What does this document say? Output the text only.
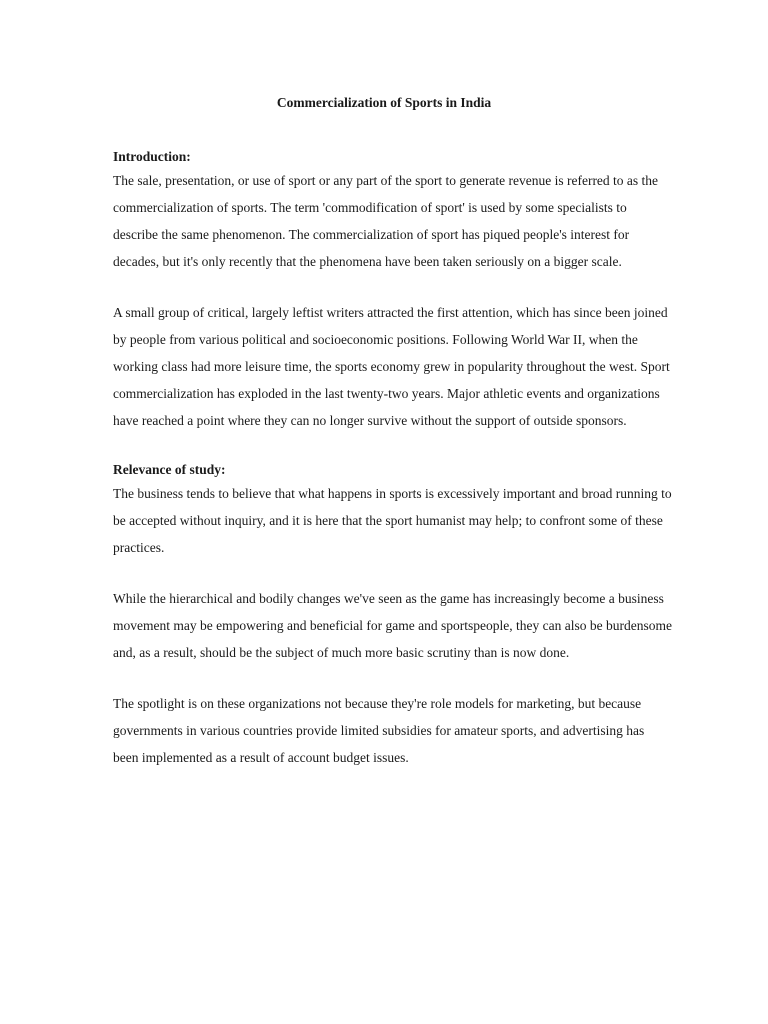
Commercialization of Sports in India
Introduction:

The sale, presentation, or use of sport or any part of the sport to generate revenue is referred to as the commercialization of sports. The term 'commodification of sport' is used by some specialists to describe the same phenomenon. The commercialization of sport has piqued people's interest for decades, but it's only recently that the phenomena have been taken seriously on a bigger scale.

A small group of critical, largely leftist writers attracted the first attention, which has since been joined by people from various political and socioeconomic positions. Following World War II, when the working class had more leisure time, the sports economy grew in popularity throughout the west. Sport commercialization has exploded in the last twenty-two years. Major athletic events and organizations have reached a point where they can no longer survive without the support of outside sponsors.

Relevance of study:

The business tends to believe that what happens in sports is excessively important and broad running to be accepted without inquiry, and it is here that the sport humanist may help; to confront some of these practices.

While the hierarchical and bodily changes we've seen as the game has increasingly become a business movement may be empowering and beneficial for game and sportspeople, they can also be burdensome and, as a result, should be the subject of much more basic scrutiny than is now done.

The spotlight is on these organizations not because they're role models for marketing, but because governments in various countries provide limited subsidies for amateur sports, and advertising has been implemented as a result of account budget issues.
